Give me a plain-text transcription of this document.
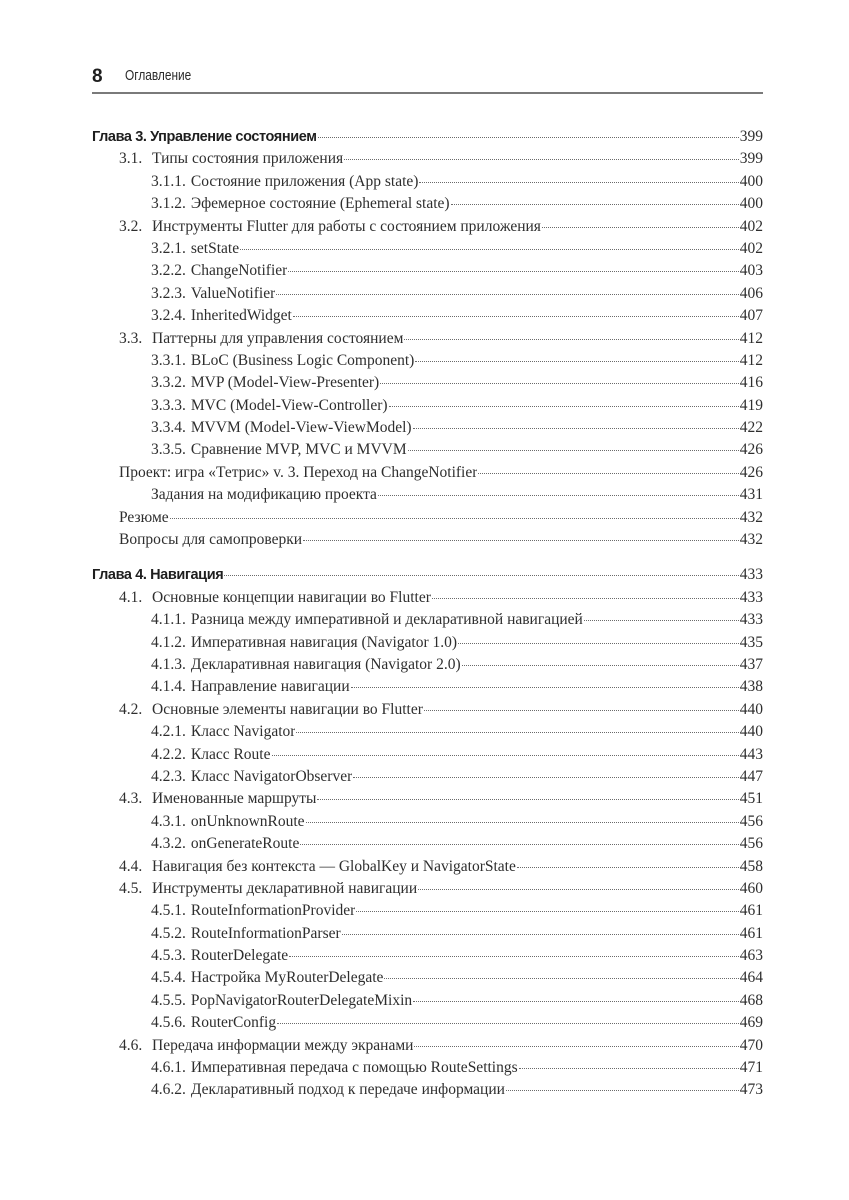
8 Оглавление
Глава 3. Управление состоянием	399
3.1. Типы состояния приложения	399
3.1.1. Состояние приложения (App state)	400
3.1.2. Эфемерное состояние (Ephemeral state)	400
3.2. Инструменты Flutter для работы с состоянием приложения	402
3.2.1. setState	402
3.2.2. ChangeNotifier	403
3.2.3. ValueNotifier	406
3.2.4. InheritedWidget	407
3.3. Паттерны для управления состоянием	412
3.3.1. BLoC (Business Logic Component)	412
3.3.2. MVP (Model-View-Presenter)	416
3.3.3. MVC (Model-View-Controller)	419
3.3.4. MVVM (Model-View-ViewModel)	422
3.3.5. Сравнение MVP, MVC и MVVM	426
Проект: игра «Тетрис» v. 3. Переход на ChangeNotifier	426
Задания на модификацию проекта	431
Резюме	432
Вопросы для самопроверки	432
Глава 4. Навигация	433
4.1. Основные концепции навигации во Flutter	433
4.1.1. Разница между императивной и декларативной навигацией	433
4.1.2. Императивная навигация (Navigator 1.0)	435
4.1.3. Декларативная навигация (Navigator 2.0)	437
4.1.4. Направление навигации	438
4.2. Основные элементы навигации во Flutter	440
4.2.1. Класс Navigator	440
4.2.2. Класс Route	443
4.2.3. Класс NavigatorObserver	447
4.3. Именованные маршруты	451
4.3.1. onUnknownRoute	456
4.3.2. onGenerateRoute	456
4.4. Навигация без контекста — GlobalKey и NavigatorState	458
4.5. Инструменты декларативной навигации	460
4.5.1. RouteInformationProvider	461
4.5.2. RouteInformationParser	461
4.5.3. RouterDelegate	463
4.5.4. Настройка MyRouterDelegate	464
4.5.5. PopNavigatorRouterDelegateMixin	468
4.5.6. RouterConfig	469
4.6. Передача информации между экранами	470
4.6.1. Императивная передача с помощью RouteSettings	471
4.6.2. Декларативный подход к передаче информации	473
